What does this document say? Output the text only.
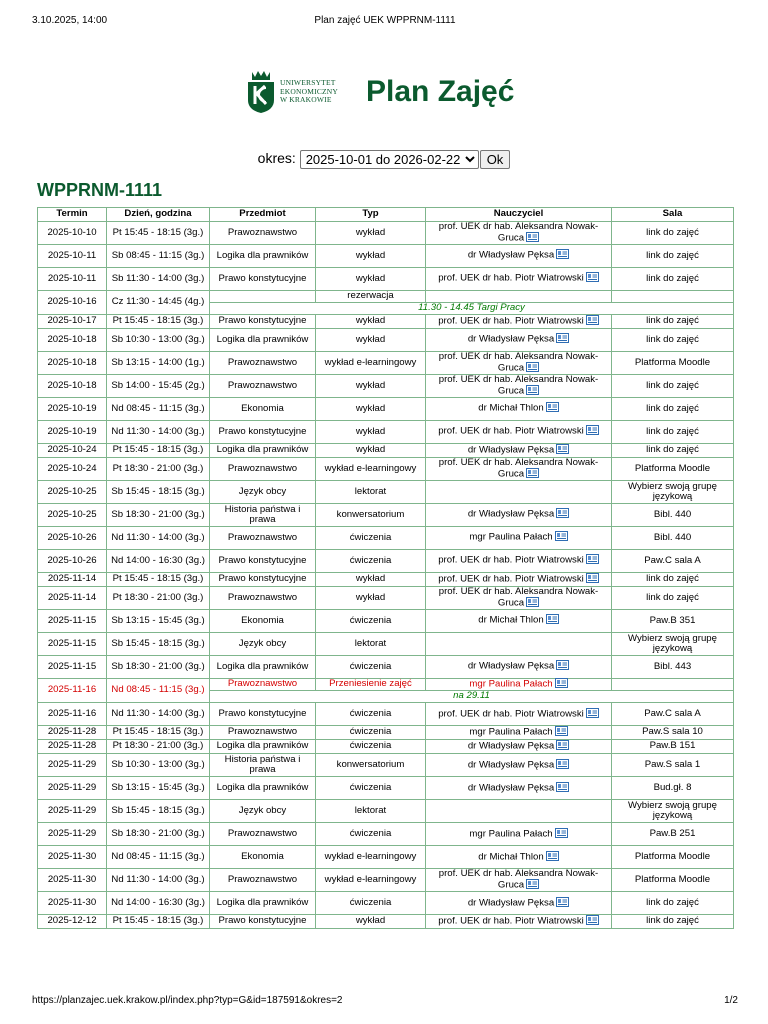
3.10.2025, 14:00	Plan zajęć UEK WPPRNM-1111
UNIWERSYTET
EKONOMICZNY
W KRAKOWIE Plan Zajęć
okres:
2025-10-01 do 2026-02-22	Ok
WPPRNM-1111
Termin	Dzień, godzina	Przedmiot	Typ	Nauczyciel	Sala
2025-10-10	Pt 15:45 - 18:15 (3g.)	Prawoznawstwo	wykład	prof. UEK dr hab. Aleksandra Nowak-Gruca	link do zajęć
2025-10-11	Sb 08:45 - 11:15 (3g.)	Logika dla prawników	wykład	dr Władysław Pęksa	link do zajęć
2025-10-11	Sb 11:30 - 14:00 (3g.)	Prawo konstytucyjne	wykład	prof. UEK dr hab. Piotr Wiatrowski	link do zajęć
2025-10-16	Cz 11:30 - 14:45 (4g.)		rezerwacja		
		11.30 - 14.45 Targi Pracy			
2025-10-17	Pt 15:45 - 18:15 (3g.)	Prawo konstytucyjne	wykład	prof. UEK dr hab. Piotr Wiatrowski	link do zajęć
2025-10-18	Sb 10:30 - 13:00 (3g.)	Logika dla prawników	wykład	dr Władysław Pęksa	link do zajęć
2025-10-18	Sb 13:15 - 14:00 (1g.)	Prawoznawstwo	wykład e-learningowy	prof. UEK dr hab. Aleksandra Nowak-Gruca	Platforma Moodle
2025-10-18	Sb 14:00 - 15:45 (2g.)	Prawoznawstwo	wykład	prof. UEK dr hab. Aleksandra Nowak-Gruca	link do zajęć
2025-10-19	Nd 08:45 - 11:15 (3g.)	Ekonomia	wykład	dr Michał Thlon	link do zajęć
2025-10-19	Nd 11:30 - 14:00 (3g.)	Prawo konstytucyjne	wykład	prof. UEK dr hab. Piotr Wiatrowski	link do zajęć
2025-10-24	Pt 15:45 - 18:15 (3g.)	Logika dla prawników	wykład	dr Władysław Pęksa	link do zajęć
2025-10-24	Pt 18:30 - 21:00 (3g.)	Prawoznawstwo	wykład e-learningowy	prof. UEK dr hab. Aleksandra Nowak-Gruca	Platforma Moodle
2025-10-25	Sb 15:45 - 18:15 (3g.)	Język obcy	lektorat		Wybierz swoją grupę językową
2025-10-25	Sb 18:30 - 21:00 (3g.)	Historia państwa i prawa	konwersatorium	dr Władysław Pęksa	Bibl. 440
2025-10-26	Nd 11:30 - 14:00 (3g.)	Prawoznawstwo	ćwiczenia	mgr Paulina Pałach	Bibl. 440
2025-10-26	Nd 14:00 - 16:30 (3g.)	Prawo konstytucyjne	ćwiczenia	prof. UEK dr hab. Piotr Wiatrowski	Paw.C sala A
2025-11-14	Pt 15:45 - 18:15 (3g.)	Prawo konstytucyjne	wykład	prof. UEK dr hab. Piotr Wiatrowski	link do zajęć
2025-11-14	Pt 18:30 - 21:00 (3g.)	Prawoznawstwo	wykład	prof. UEK dr hab. Aleksandra Nowak-Gruca	link do zajęć
2025-11-15	Sb 13:15 - 15:45 (3g.)	Ekonomia	ćwiczenia	dr Michał Thlon	Paw.B 351
2025-11-15	Sb 15:45 - 18:15 (3g.)	Język obcy	lektorat		Wybierz swoją grupę językową
2025-11-15	Sb 18:30 - 21:00 (3g.)	Logika dla prawników	ćwiczenia	dr Władysław Pęksa	Bibl. 443
2025-11-16	Nd 08:45 - 11:15 (3g.)	Prawoznawstwo	Przeniesienie zajęć	mgr Paulina Pałach	
		na 29.11			
2025-11-16	Nd 11:30 - 14:00 (3g.)	Prawo konstytucyjne	ćwiczenia	prof. UEK dr hab. Piotr Wiatrowski	Paw.C sala A
2025-11-28	Pt 15:45 - 18:15 (3g.)	Prawoznawstwo	ćwiczenia	mgr Paulina Pałach	Paw.S sala 10
2025-11-28	Pt 18:30 - 21:00 (3g.)	Logika dla prawników	ćwiczenia	dr Władysław Pęksa	Paw.B 151
2025-11-29	Sb 10:30 - 13:00 (3g.)	Historia państwa i prawa	konwersatorium	dr Władysław Pęksa	Paw.S sala 1
2025-11-29	Sb 13:15 - 15:45 (3g.)	Logika dla prawników	ćwiczenia	dr Władysław Pęksa	Bud.gł. 8
2025-11-29	Sb 15:45 - 18:15 (3g.)	Język obcy	lektorat		Wybierz swoją grupę językową
2025-11-29	Sb 18:30 - 21:00 (3g.)	Prawoznawstwo	ćwiczenia	mgr Paulina Pałach	Paw.B 251
2025-11-30	Nd 08:45 - 11:15 (3g.)	Ekonomia	wykład e-learningowy	dr Michał Thlon	Platforma Moodle
2025-11-30	Nd 11:30 - 14:00 (3g.)	Prawoznawstwo	wykład e-learningowy	prof. UEK dr hab. Aleksandra Nowak-Gruca	Platforma Moodle
2025-11-30	Nd 14:00 - 16:30 (3g.)	Logika dla prawników	ćwiczenia	dr Władysław Pęksa	link do zajęć
2025-12-12	Pt 15:45 - 18:15 (3g.)	Prawo konstytucyjne	wykład	prof. UEK dr hab. Piotr Wiatrowski	link do zajęć
https://planzajec.uek.krakow.pl/index.php?typ=G&id=187591&okres=2	1/2
